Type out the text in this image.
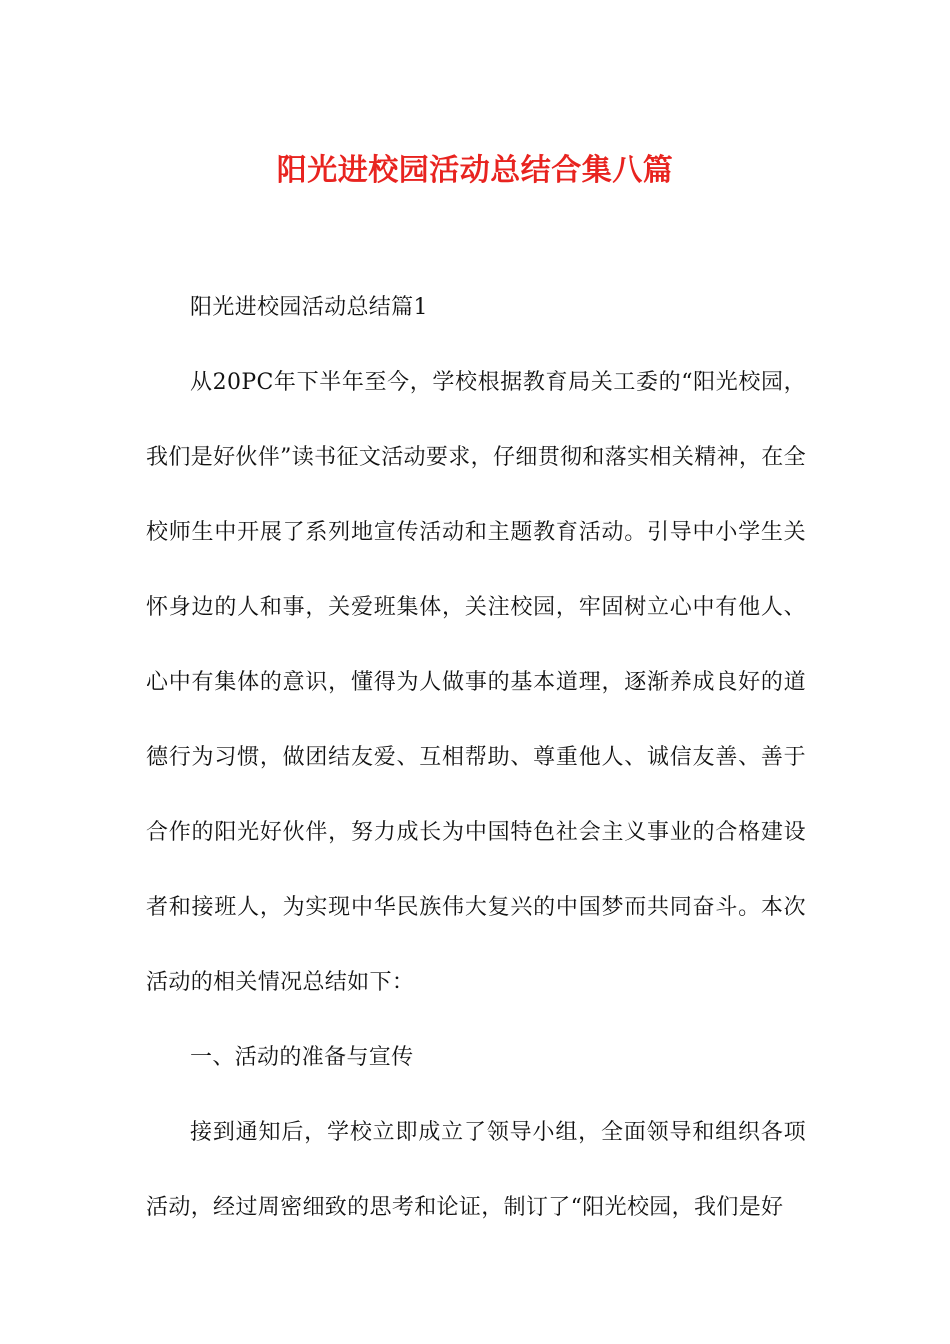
阳光进校园活动总结合集八篇

阳光进校园活动总结篇1

从20PC年下半年至今，学校根据教育局关工委的“阳光校园，我们是好伙伴”读书征文活动要求，仔细贯彻和落实相关精神，在全校师生中开展了系列地宣传活动和主题教育活动。引导中小学生关怀身边的人和事，关爱班集体，关注校园，牢固树立心中有他人、心中有集体的意识，懂得为人做事的基本道理，逐渐养成良好的道德行为习惯，做团结友爱、互相帮助、尊重他人、诚信友善、善于合作的阳光好伙伴，努力成长为中国特色社会主义事业的合格建设者和接班人，为实现中华民族伟大复兴的中国梦而共同奋斗。本次活动的相关情况总结如下：

一、活动的准备与宣传

接到通知后，学校立即成立了领导小组，全面领导和组织各项活动，经过周密细致的思考和论证，制订了“阳光校园，我们是好
